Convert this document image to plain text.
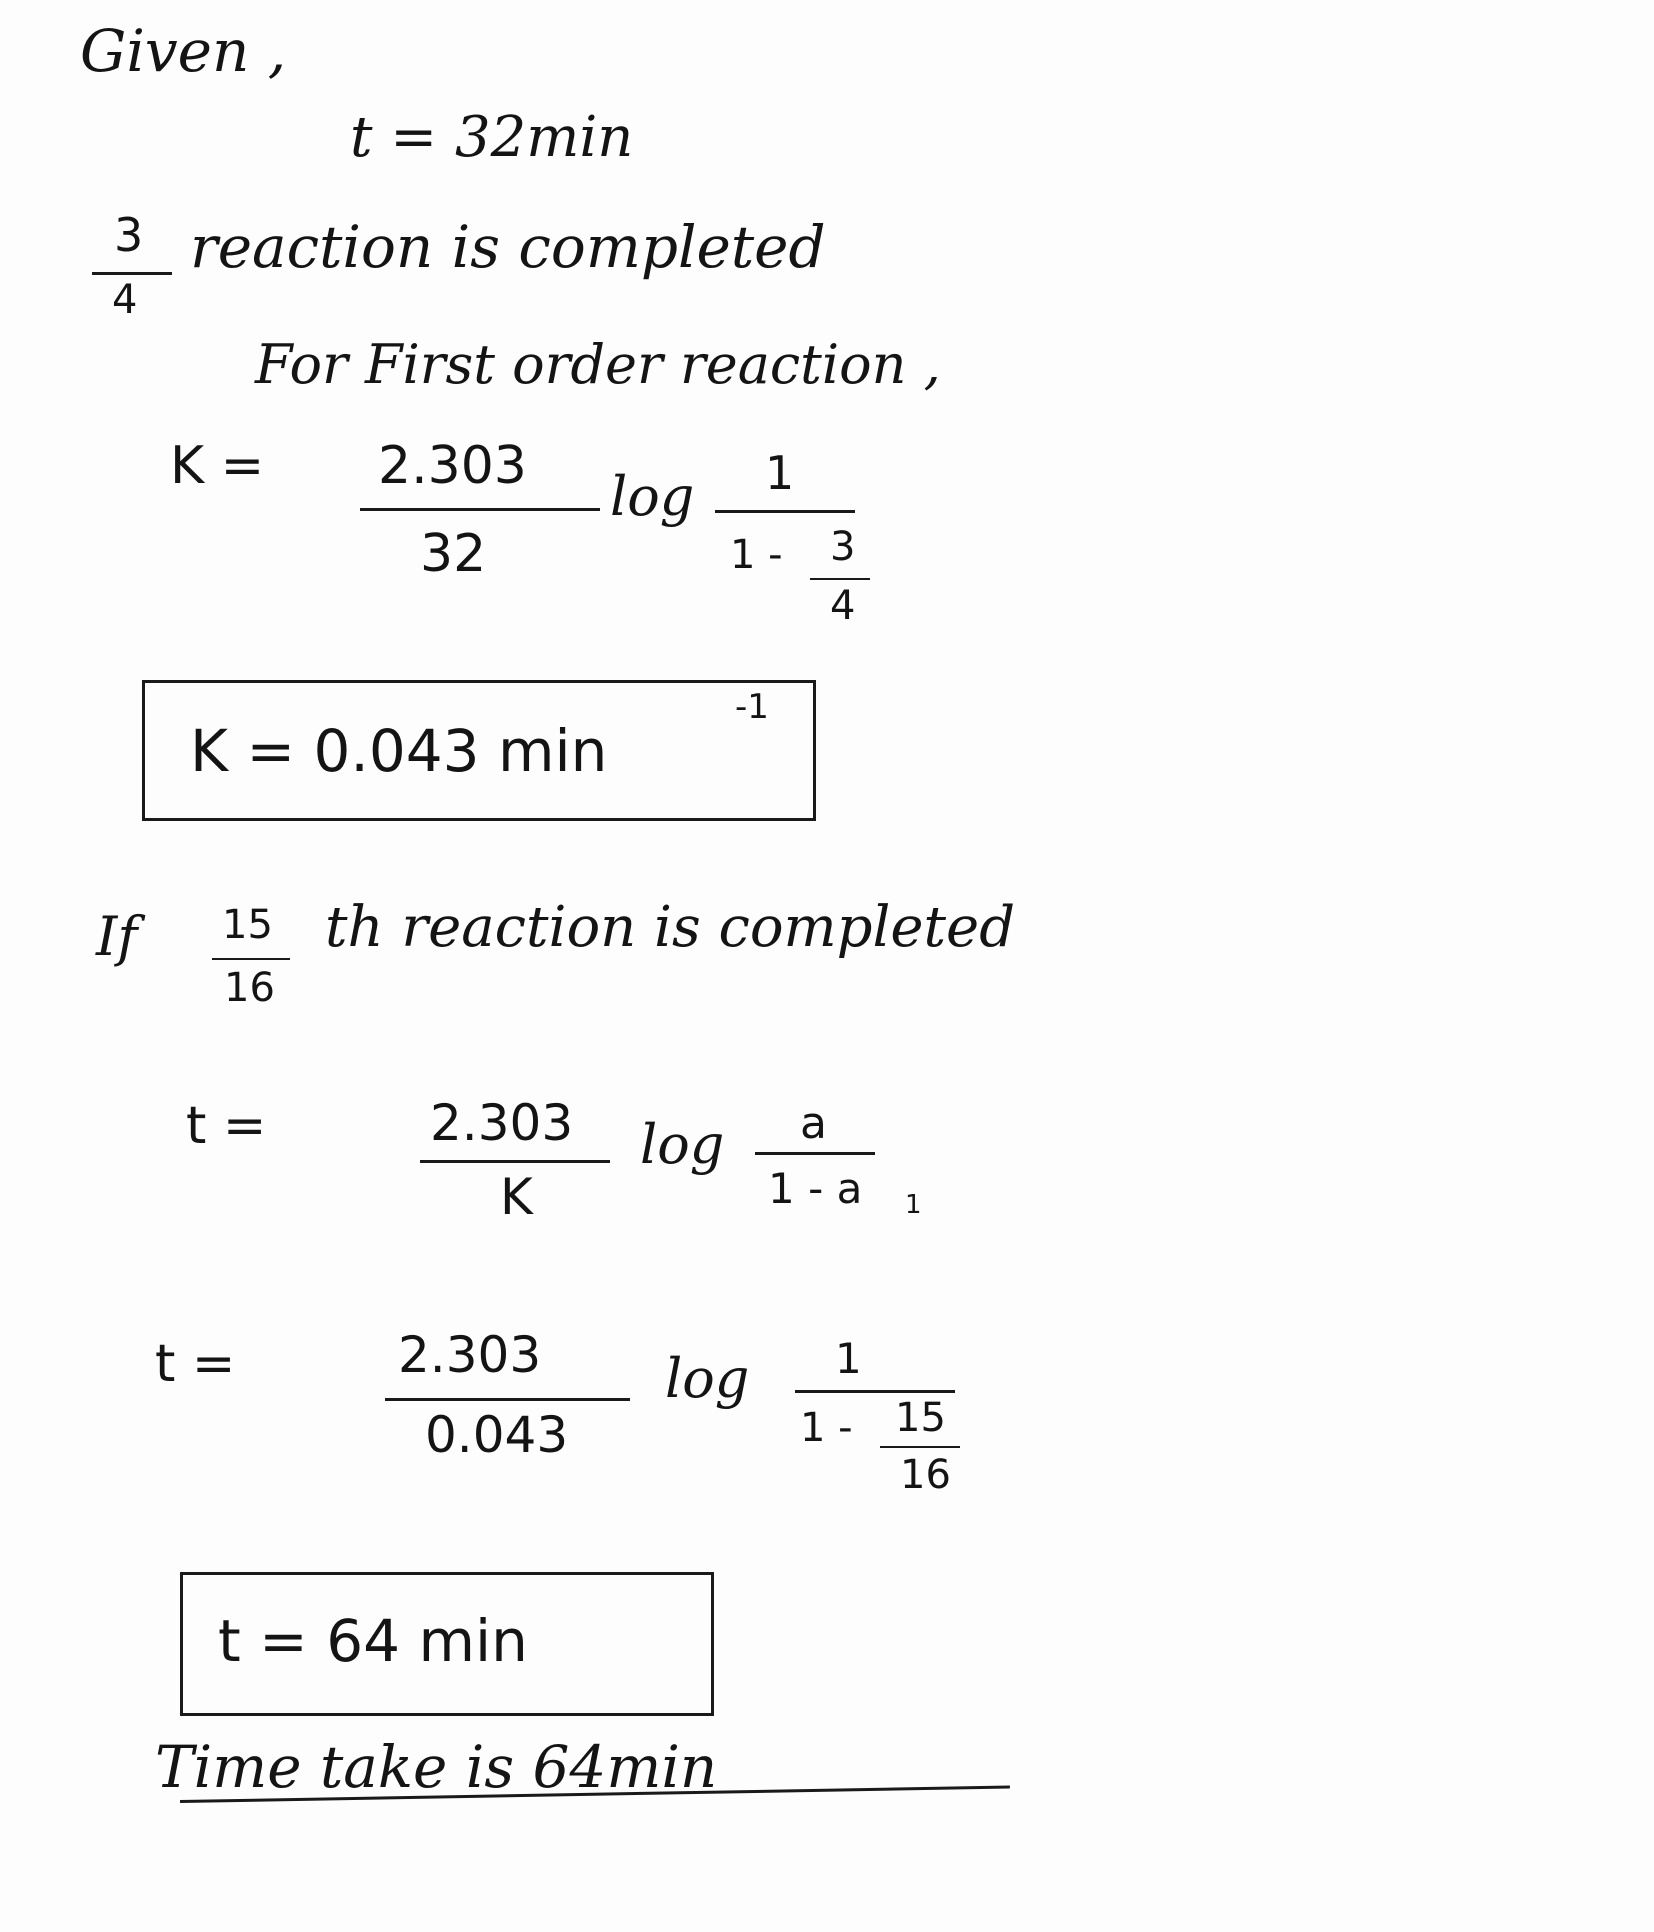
Given ,
t = 32min
3
4
reaction is completed
For First order reaction ,
K = 2.303
32
log 1
1 - 3
4
K = 0.043 min
-1
If 15
16
th reaction is completed
t =	2.303
K
log a
1 - a 1
t =	2.303
0.043
log 1
1 - 15
16
t = 64 min
Time take is 64min
